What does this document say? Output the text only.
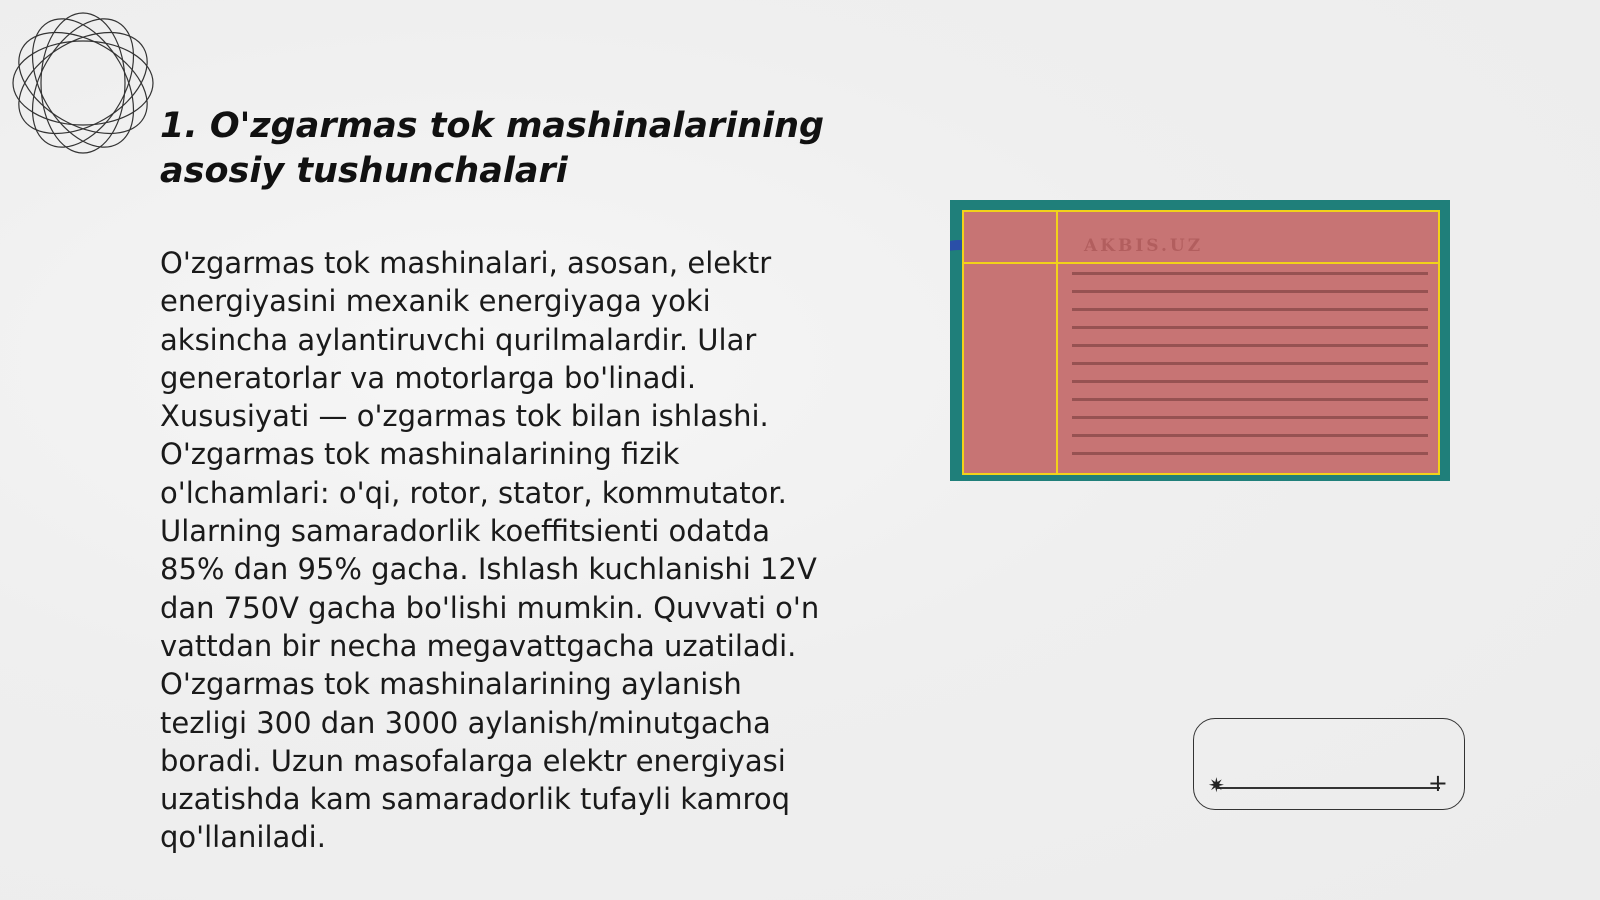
1. O'zgarmas tok mashinalarining
asosiy tushunchalari
O'zgarmas tok mashinalari, asosan, elektr
energiyasini mexanik energiyaga yoki
aksincha aylantiruvchi qurilmalardir. Ular
generatorlar va motorlarga bo'linadi.
Xususiyati — o'zgarmas tok bilan ishlashi.
O'zgarmas tok mashinalarining fizik
o'lchamlari: o'qi, rotor, stator, kommutator.
Ularning samaradorlik koeffitsienti odatda
85% dan 95% gacha. Ishlash kuchlanishi 12V
dan 750V gacha bo'lishi mumkin. Quvvati o'n
vattdan bir necha megavattgacha uzatiladi.
O'zgarmas tok mashinalarining aylanish
tezligi 300 dan 3000 aylanish/minutgacha
boradi. Uzun masofalarga elektr energiyasi
uzatishda kam samaradorlik tufayli kamroq
qo'llaniladi.
AKBIS.UZ
✷	+
